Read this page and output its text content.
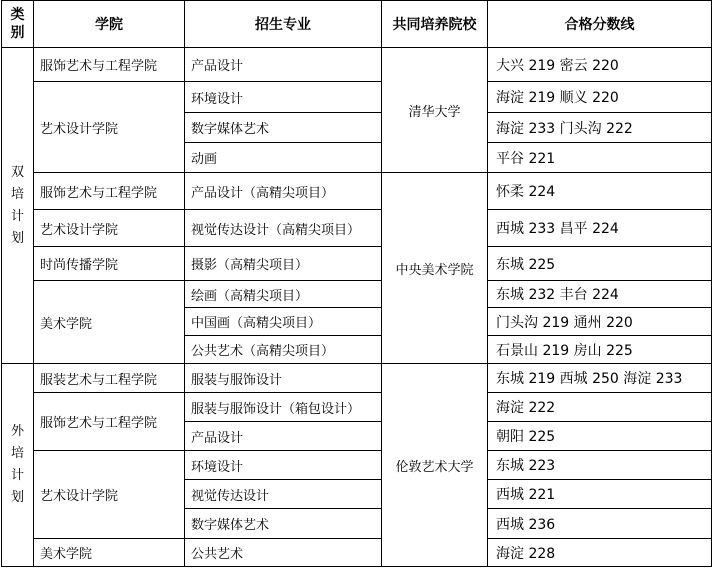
类别	学院	招生专业	共同培养院校	合格分数线

双
培
计
划	服饰艺术与工程学院	产品设计	清华大学	大兴 219 密云 220
	艺术设计学院	环境设计		海淀 219 顺义 220
		数字媒体艺术		海淀 233 门头沟 222
		动画		平谷 221
	服饰艺术与工程学院	产品设计（高精尖项目）	中央美术学院	怀柔 224
	艺术设计学院	视觉传达设计（高精尖项目）		西城 233 昌平 224
	时尚传播学院	摄影（高精尖项目）		东城 225
	美术学院	绘画（高精尖项目）		东城 232 丰台 224
		中国画（高精尖项目）		门头沟 219 通州 220
		公共艺术（高精尖项目）		石景山 219 房山 225

外
培
计
划	服装艺术与工程学院	服装与服饰设计	伦敦艺术大学	东城 219 西城 250 海淀 233
	服饰艺术与工程学院	服装与服饰设计（箱包设计）		海淀 222
		产品设计		朝阳 225
	艺术设计学院	环境设计		东城 223
		视觉传达设计		西城 221
		数字媒体艺术		西城 236
	美术学院	公共艺术		海淀 228
